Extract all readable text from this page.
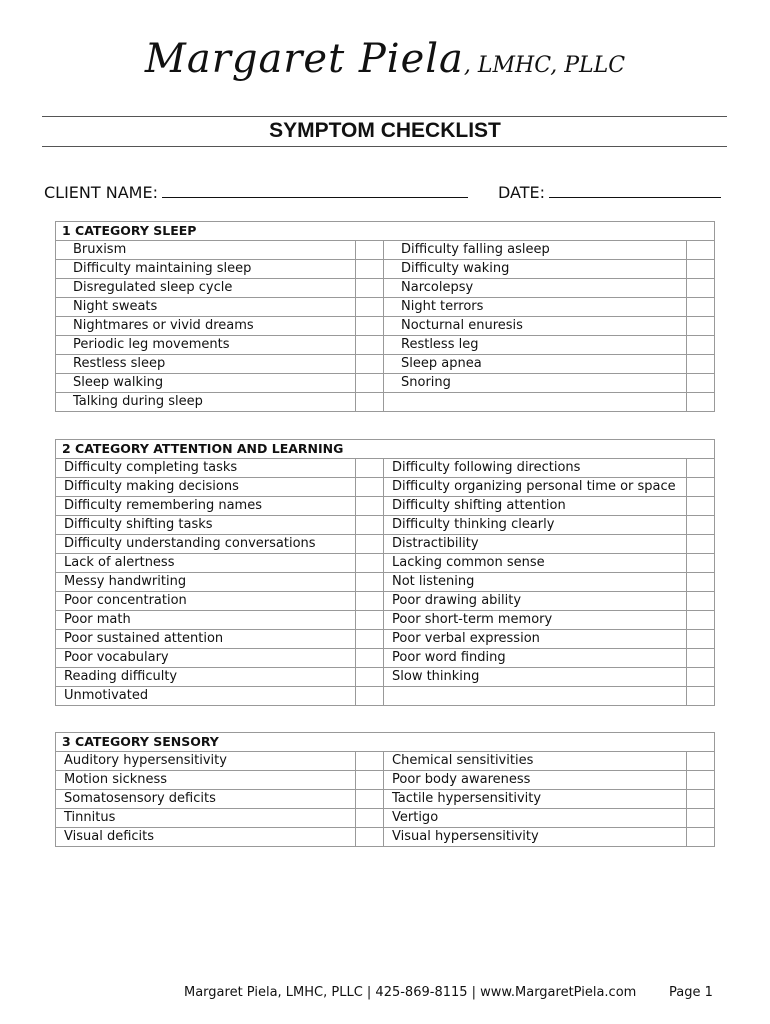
Margaret Piela, LMHC, PLLC
SYMPTOM CHECKLIST
CLIENT NAME:	DATE:
1 CATEGORY SLEEP			
Bruxism		Difficulty falling asleep	
Difficulty maintaining sleep		Difficulty waking	
Disregulated sleep cycle		Narcolepsy	
Night sweats		Night terrors	
Nightmares or vivid dreams		Nocturnal enuresis	
Periodic leg movements		Restless leg	
Restless sleep		Sleep apnea	
Sleep walking		Snoring	
Talking during sleep			
2 CATEGORY ATTENTION AND LEARNING			
Difficulty completing tasks		Difficulty following directions	
Difficulty making decisions		Difficulty organizing personal time or space	
Difficulty remembering names		Difficulty shifting attention	
Difficulty shifting tasks		Difficulty thinking clearly	
Difficulty understanding conversations		Distractibility	
Lack of alertness		Lacking common sense	
Messy handwriting		Not listening	
Poor concentration		Poor drawing ability	
Poor math		Poor short-term memory	
Poor sustained attention		Poor verbal expression	
Poor vocabulary		Poor word finding	
Reading difficulty		Slow thinking	
Unmotivated			
3 CATEGORY SENSORY			
Auditory hypersensitivity		Chemical sensitivities	
Motion sickness		Poor body awareness	
Somatosensory deficits		Tactile hypersensitivity	
Tinnitus		Vertigo	
Visual deficits		Visual hypersensitivity	
Margaret Piela, LMHC, PLLC | 425-869-8115 | www.MargaretPiela.com	Page 1
